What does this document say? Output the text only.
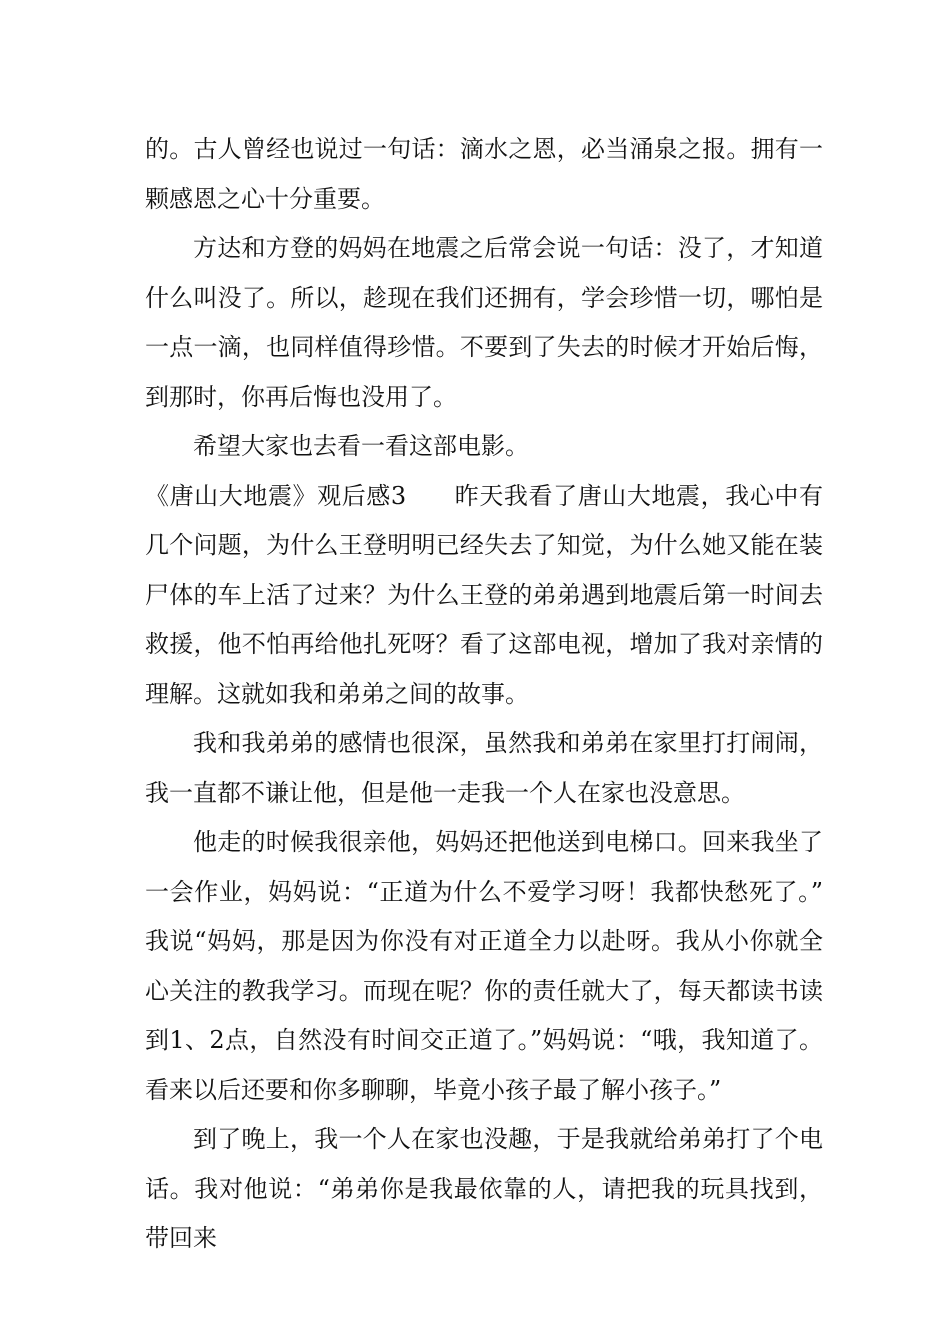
的。古人曾经也说过一句话：滴水之恩，必当涌泉之报。拥有一颗感恩之心十分重要。

方达和方登的妈妈在地震之后常会说一句话：没了，才知道什么叫没了。所以，趁现在我们还拥有，学会珍惜一切，哪怕是一点一滴，也同样值得珍惜。不要到了失去的时候才开始后悔，到那时，你再后悔也没用了。

希望大家也去看一看这部电影。

《唐山大地震》观后感3 昨天我看了唐山大地震，我心中有几个问题，为什么王登明明已经失去了知觉，为什么她又能在装尸体的车上活了过来？为什么王登的弟弟遇到地震后第一时间去救援，他不怕再给他扎死呀？看了这部电视，增加了我对亲情的理解。这就如我和弟弟之间的故事。

我和我弟弟的感情也很深，虽然我和弟弟在家里打打闹闹，我一直都不谦让他，但是他一走我一个人在家也没意思。

他走的时候我很亲他，妈妈还把他送到电梯口。回来我坐了一会作业，妈妈说：“正道为什么不爱学习呀！我都快愁死了。”我说“妈妈，那是因为你没有对正道全力以赴呀。我从小你就全心关注的教我学习。而现在呢？你的责任就大了，每天都读书读到1、2点，自然没有时间交正道了。”妈妈说：“哦，我知道了。看来以后还要和你多聊聊，毕竟小孩子最了解小孩子。”

到了晚上，我一个人在家也没趣，于是我就给弟弟打了个电话。我对他说：“弟弟你是我最依靠的人，请把我的玩具找到，带回来
